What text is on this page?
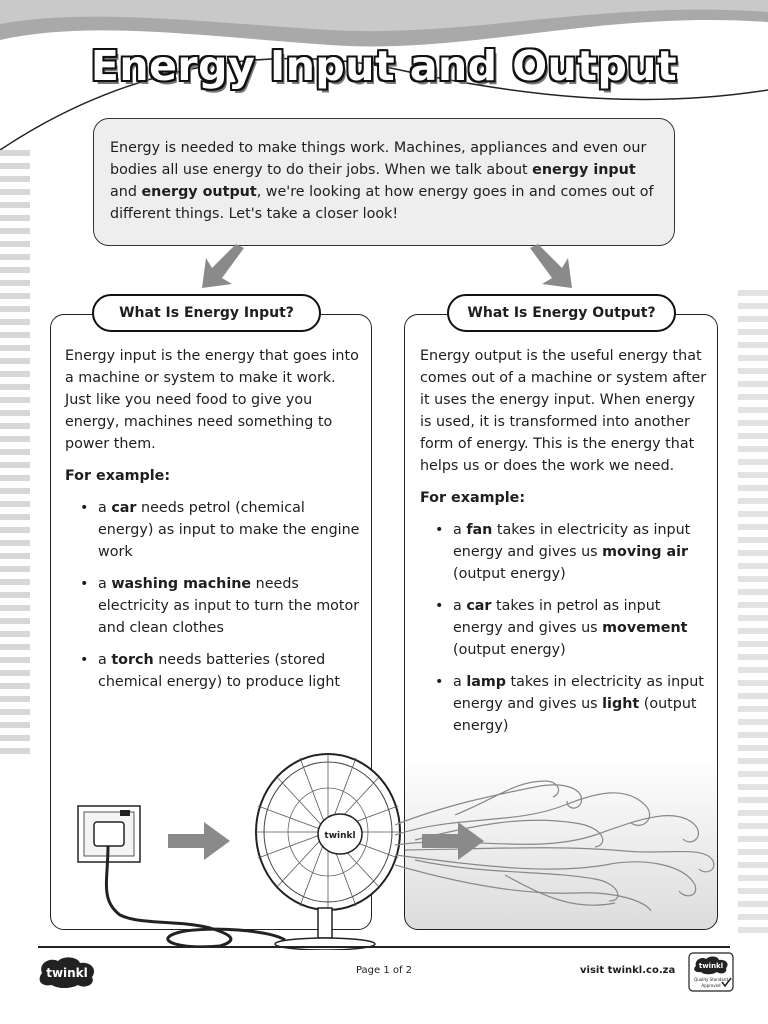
Energy Input and Output
Energy is needed to make things work. Machines, appliances and even our bodies all use energy to do their jobs. When we talk about energy input and energy output, we're looking at how energy goes in and comes out of different things. Let's take a closer look!
What Is Energy Input?	What Is Energy Output?

Energy input is the energy that goes into a machine or system to make it work. Just like you need food to give you energy, machines need something to power them.

For example:
• a car needs petrol (chemical energy) as input to make the engine work
• a washing machine needs electricity as input to turn the motor and clean clothes
• a torch needs batteries (stored chemical energy) to produce light

Energy output is the useful energy that comes out of a machine or system after it uses the energy input. When energy is used, it is transformed into another form of energy. This is the energy that helps us or does the work we need.

For example:
• a fan takes in electricity as input energy and gives us moving air (output energy)
• a car takes in petrol as input energy and gives us movement (output energy)
• a lamp takes in electricity as input energy and gives us light (output energy)
twinkl
twinkl	Page 1 of 2	visit twinkl.co.za	twinkl
Quality Standard
Approved
